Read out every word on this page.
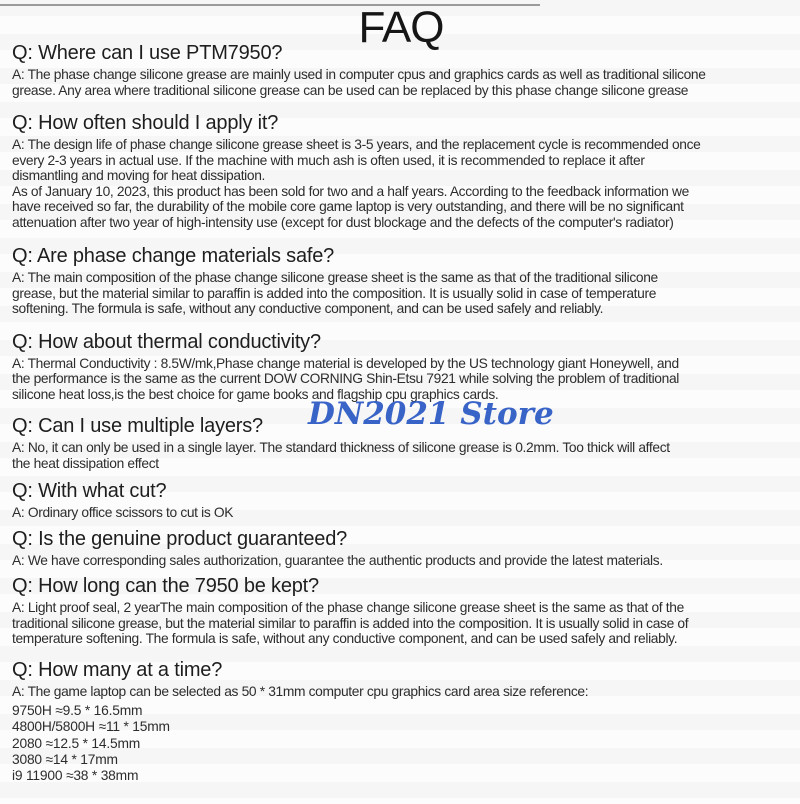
FAQ
Q: Where can I use PTM7950?
A: The phase change silicone grease are mainly used in computer cpus and graphics cards as well as traditional silicone
grease. Any area where traditional silicone grease can be used can be replaced by this phase change silicone grease
Q: How often should I apply it?
A: The design life of phase change silicone grease sheet is 3-5 years, and the replacement cycle is recommended once
every 2-3 years in actual use. If the machine with much ash is often used, it is recommended to replace it after
dismantling and moving for heat dissipation.
As of January 10, 2023, this product has been sold for two and a half years. According to the feedback information we
have received so far, the durability of the mobile core game laptop is very outstanding, and there will be no significant
attenuation after two year of high-intensity use (except for dust blockage and the defects of the computer's radiator)
Q: Are phase change materials safe?
A: The main composition of the phase change silicone grease sheet is the same as that of the traditional silicone
grease, but the material similar to paraffin is added into the composition. It is usually solid in case of temperature
softening. The formula is safe, without any conductive component, and can be used safely and reliably.
Q: How about thermal conductivity?
A: Thermal Conductivity : 8.5W/mk,Phase change material is developed by the US technology giant Honeywell, and
the performance is the same as the current DOW CORNING Shin-Etsu 7921 while solving the problem of traditional
silicone heat loss,is the best choice for game books and flagship cpu graphics cards.
Q: Can I use multiple layers?
A: No, it can only be used in a single layer. The standard thickness of silicone grease is 0.2mm. Too thick will affect
the heat dissipation effect
Q: With what cut?
A: Ordinary office scissors to cut is OK
Q: Is the genuine product guaranteed?
A: We have corresponding sales authorization, guarantee the authentic products and provide the latest materials.
Q: How long can the 7950 be kept?
A: Light proof seal, 2 yearThe main composition of the phase change silicone grease sheet is the same as that of the
traditional silicone grease, but the material similar to paraffin is added into the composition. It is usually solid in case of
temperature softening. The formula is safe, without any conductive component, and can be used safely and reliably.
Q: How many at a time?
A: The game laptop can be selected as 50 * 31mm computer cpu graphics card area size reference:
9750H ≈9.5 * 16.5mm
4800H/5800H ≈11 * 15mm
2080 ≈12.5 * 14.5mm
3080 ≈14 * 17mm
i9 11900 ≈38 * 38mm
DN2021 Store
